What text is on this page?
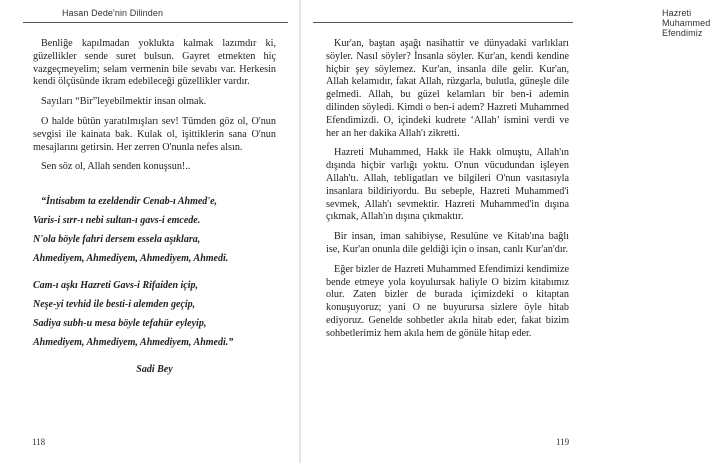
Hasan Dede'nin Dilinden

Benliğe kapılmadan yoklukta kalmak lazımdır ki, güzellikler sende suret bulsun. Gayret etmekten hiç vazgeçmeyelim; selam vermenin bile sevabı var. Herkesin kendi ölçüsünde ikram edebileceği güzellikler vardır.

Sayıları “Bir”leyebilmektir insan olmak.

O halde bütün yaratılmışları sev! Tümden göz ol, O'nun sevgisi ile kainata bak. Kulak ol, işittiklerin sana O'nun mesajlarını getirsin. Her zerren O'nunla nefes alsın.

Sen söz ol, Allah senden konuşsun!..

“İntisabım ta ezeldendir Cenab-ı Ahmed'e,
Varis-i sırr-ı nebi sultan-ı gavs-i emcede.
N'ola böyle fahri dersem essela aşıklara,
Ahmediyem, Ahmediyem, Ahmediyem, Ahmedi.
Cam-ı aşkı Hazreti Gavs-i Rifaiden içip,
Neşe-yi tevhid ile besti-i alemden geçip,
Sadiya subh-u mesa böyle tefahür eyleyip,
Ahmediyem, Ahmediyem, Ahmediyem, Ahmedi.”
Sadi Bey
118
Hazreti Muhammed Efendimiz

Kur'an, baştan aşağı nasihattir ve dünyadaki varlıkları söyler. Nasıl söyler? İnsanla söyler. Kur'an, kendi kendine hiçbir şey söylemez. Kur'an, insanla dile gelir. Kur'an, Allah kelamıdır, fakat Allah, rüzgarla, bulutla, güneşle dile gelmedi. Allah, bu güzel kelamları bir ben-i ademin dilinden söyledi. Kimdi o ben-i adem? Hazreti Muhammed Efendimizdi. O, içindeki kudrete ‘Allah’ ismini verdi ve her an her dakika Allah'ı zikretti.

Hazreti Muhammed, Hakk ile Hakk olmuştu, Allah'ın dışında hiçbir varlığı yoktu. O'nun vücudundan işleyen Allah'tı. Allah, tebligatları ve bilgileri O'nun vasıtasıyla insanlara bildiriyordu. Bu sebeple, Hazreti Muhammed'i sevmek, Allah'ı sevmektir. Hazreti Muhammed'in dışına çıkmak, Allah'ın dışına çıkmaktır.

Bir insan, iman sahibiyse, Resulüne ve Kitab'ına bağlı ise, Kur'an onunla dile geldiği için o insan, canlı Kur'an'dır.

Eğer bizler de Hazreti Muhammed Efendimizi kendimize bende etmeye yola koyulursak haliyle O bizim kitabımız olur. Zaten bizler de burada içimizdeki o kitaptan konuşuyoruz; yani O ne buyurursa sizlere öyle hitab ediyoruz. Genelde sohbetler akıla hitab eder, fakat bizim sohbetlerimiz hem akıla hem de gönüle hitap eder.

119
